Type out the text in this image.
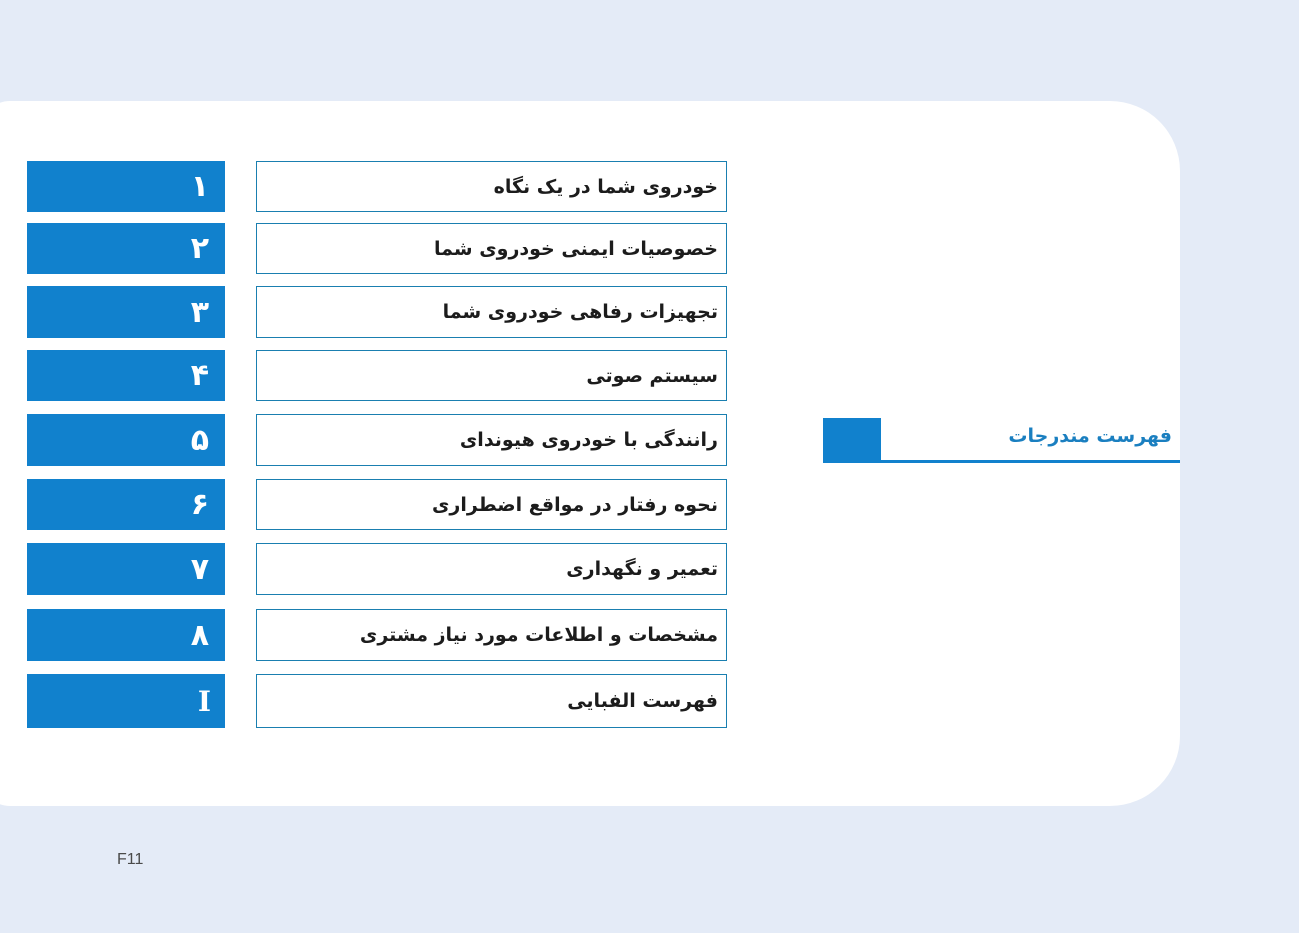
فهرست مندرجات
۱	خودروی شما در یک نگاه
۲	خصوصیات ایمنی خودروی شما
۳	تجهیزات رفاهی خودروی شما
۴	سیستم صوتی
۵	رانندگی با خودروی هیوندای
۶	نحوه رفتار در مواقع اضطراری
۷	تعمیر و نگهداری
۸	مشخصات و اطلاعات مورد نیاز مشتری
I	فهرست الفبایی
F11
